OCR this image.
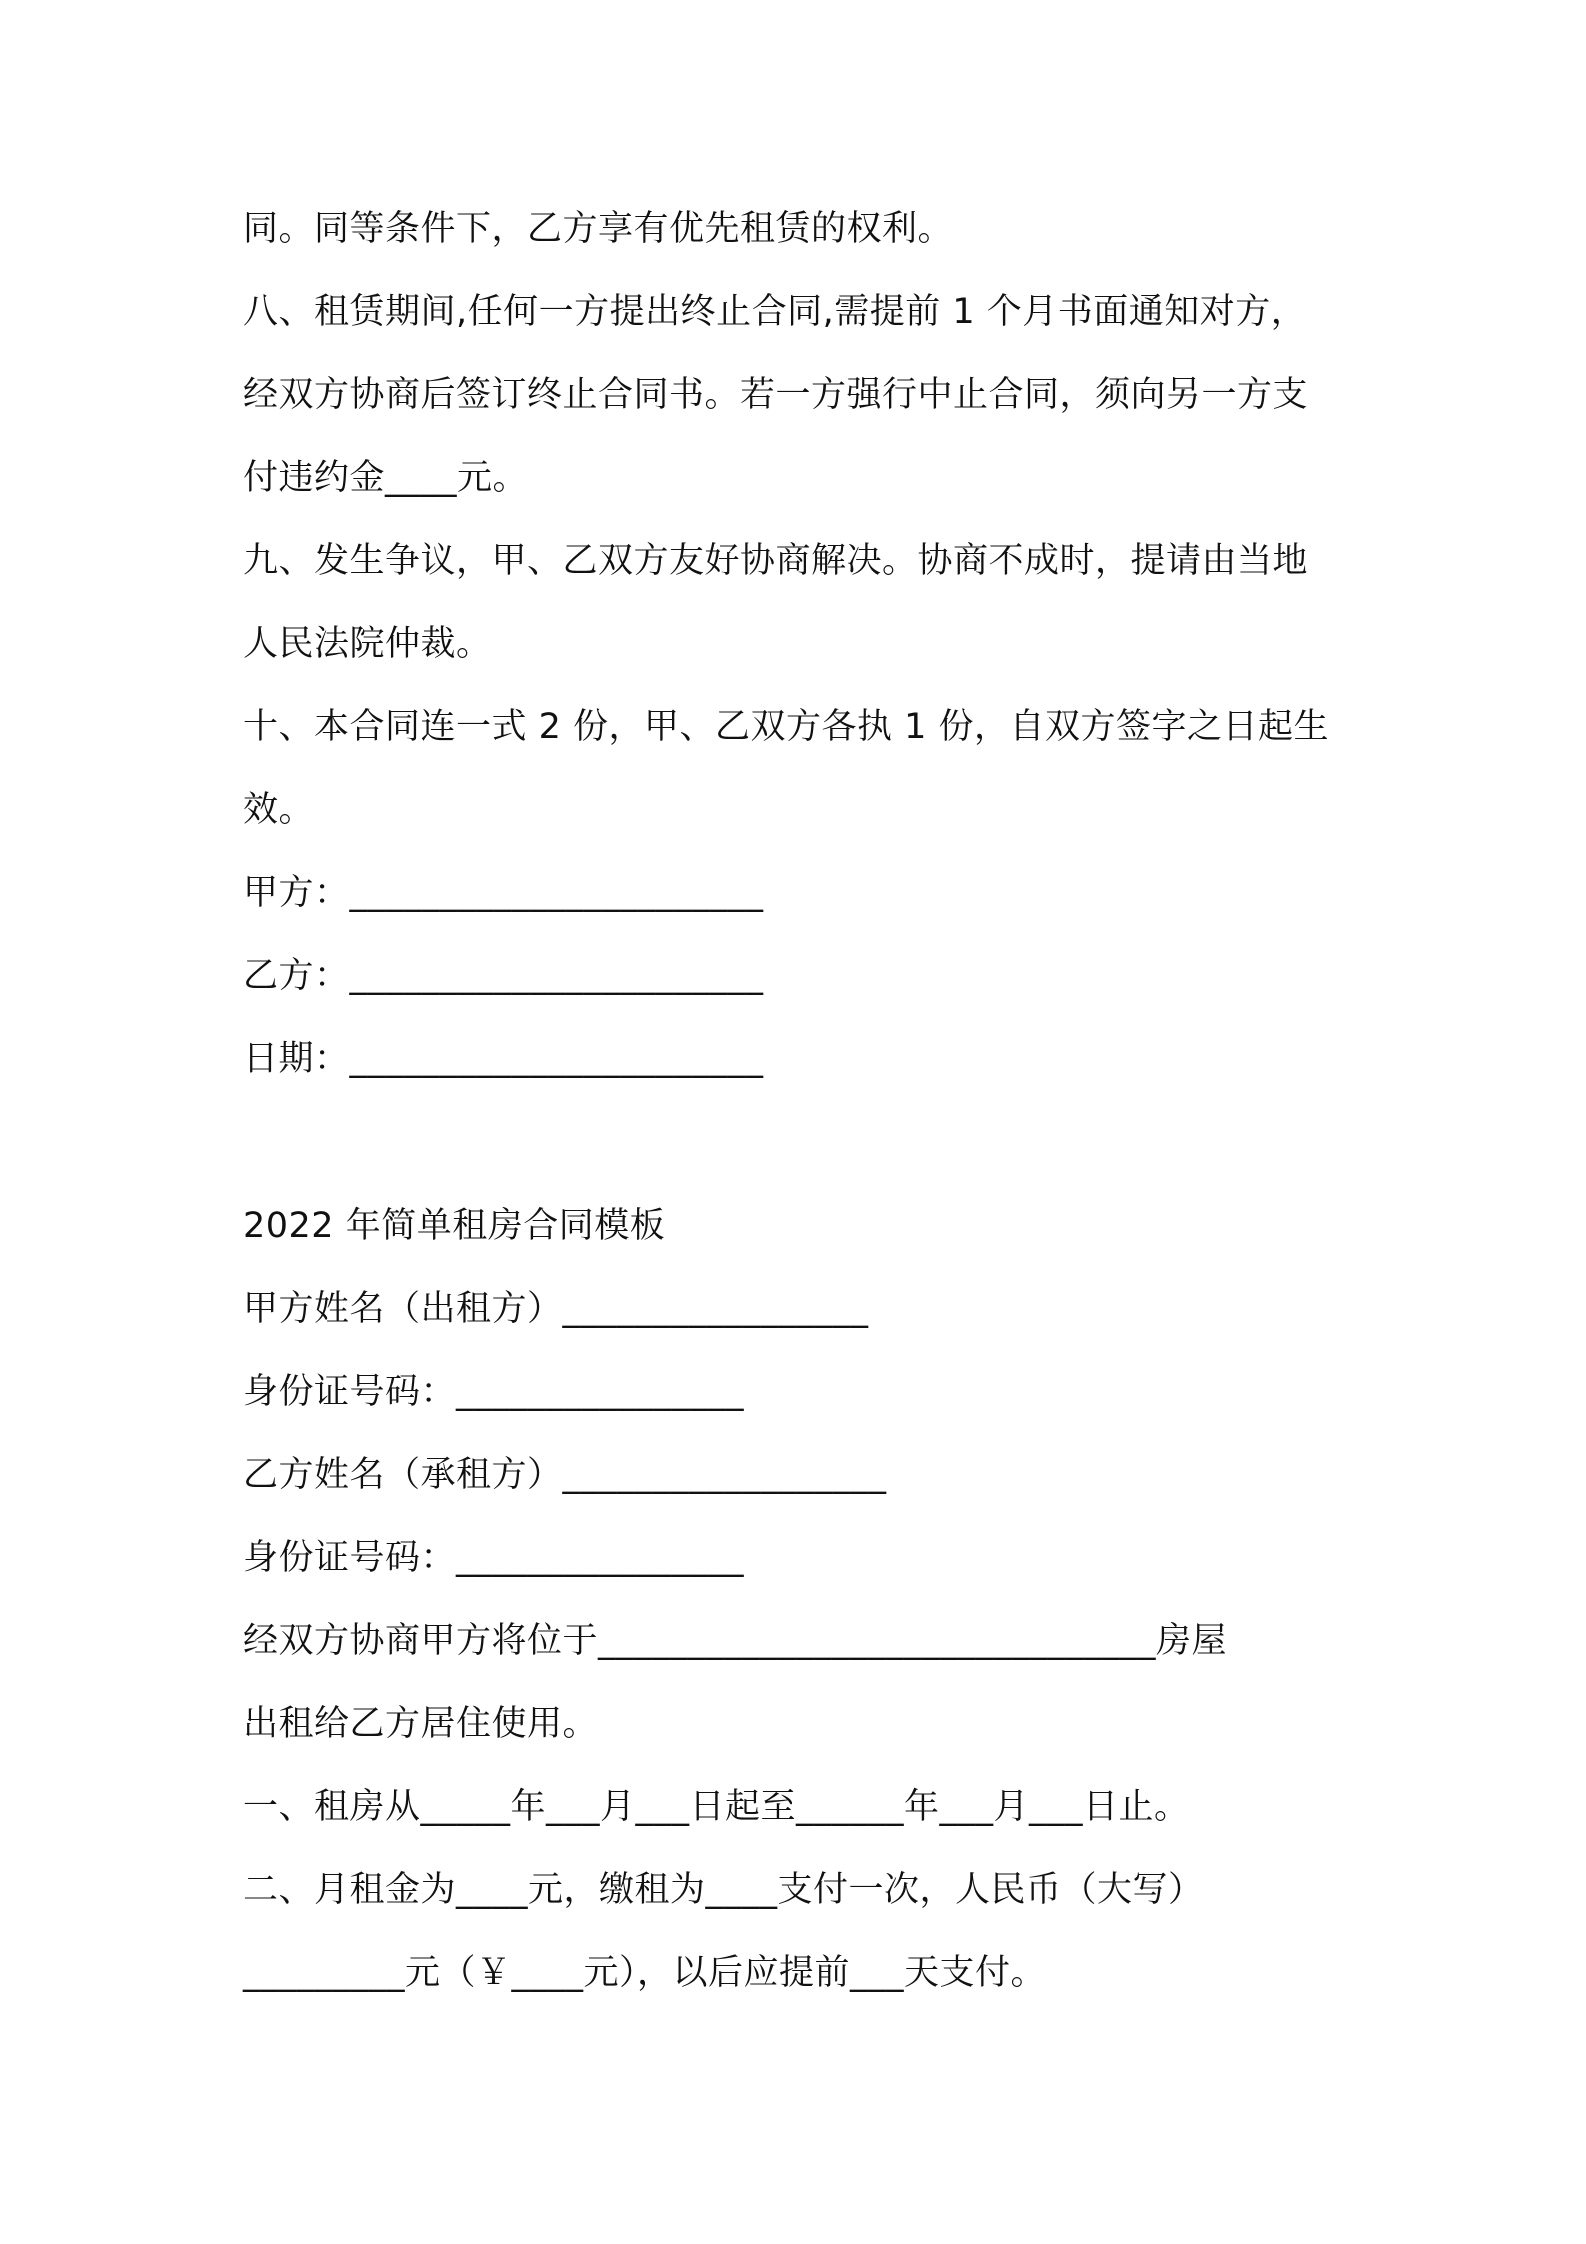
同。同等条件下，乙方享有优先租赁的权利。
八、租赁期间,任何一方提出终止合同,需提前 1 个月书面通知对方，
经双方协商后签订终止合同书。若一方强行中止合同，须向另一方支
付违约金____元。
九、发生争议，甲、乙双方友好协商解决。协商不成时，提请由当地
人民法院仲裁。
十、本合同连一式 2 份，甲、乙双方各执 1 份，自双方签字之日起生
效。
甲方：_______________________
乙方：_______________________
日期：_______________________
2022 年简单租房合同模板
甲方姓名（出租方）_________________
身份证号码：________________
乙方姓名（承租方）__________________
身份证号码：________________
经双方协商甲方将位于_______________________________房屋
出租给乙方居住使用。
一、租房从_____年___月___日起至______年___月___日止。
二、月租金为____元，缴租为____支付一次，人民币（大写）
_________元（￥____元），以后应提前___天支付。
